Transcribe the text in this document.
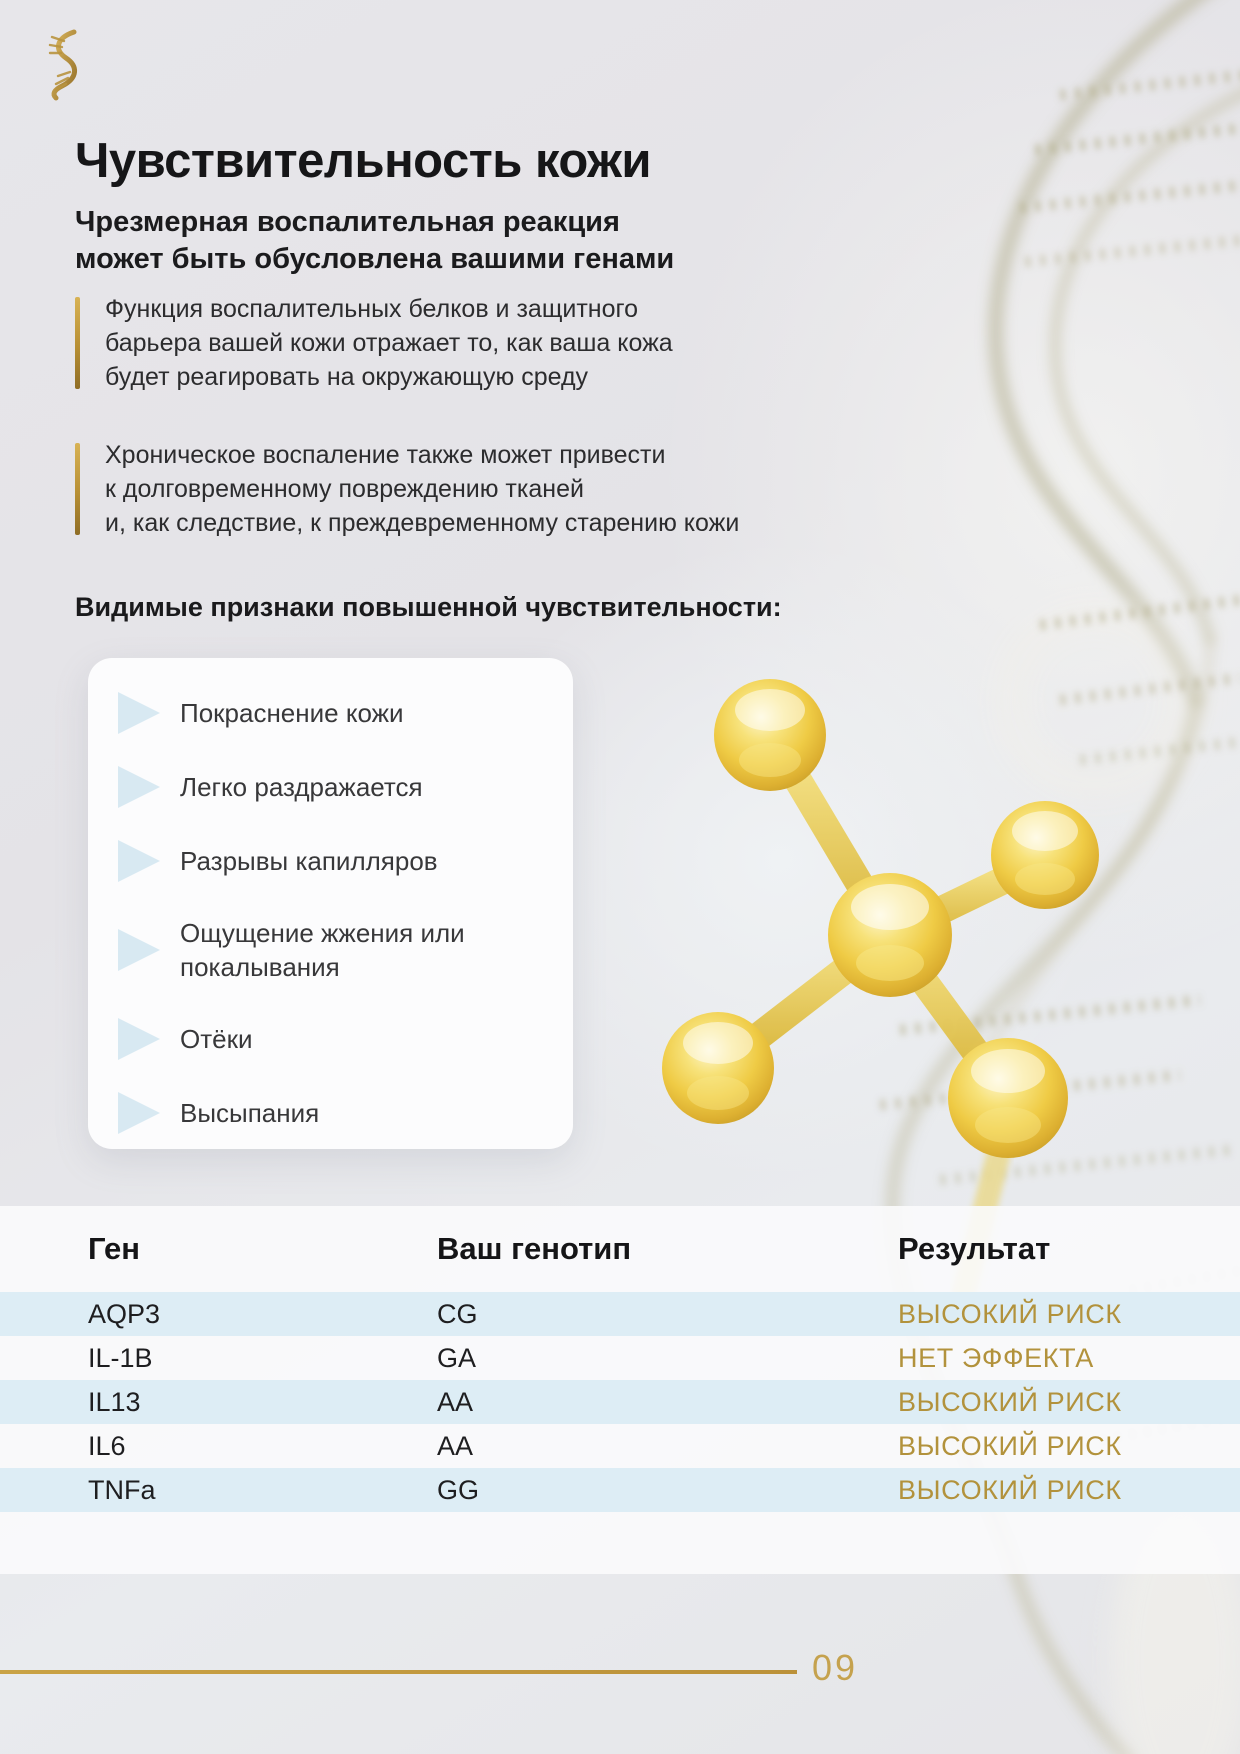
Чувствительность кожи
Чрезмерная воспалительная реакция
может быть обусловлена вашими генами
Функция воспалительных белков и защитного
барьера вашей кожи отражает то, как ваша кожа
будет реагировать на окружающую среду
Хроническое воспаление также может привести
к долговременному повреждению тканей
и, как следствие, к преждевременному старению кожи
Видимые признаки повышенной чувствительности:
Покраснение кожи
Легко раздражается
Разрывы капилляров
Ощущение жжения или покалывания
Отёки
Высыпания
Ген	Ваш генотип	Результат
AQP3	CG	ВЫСОКИЙ РИСК
IL-1B	GA	НЕТ ЭФФЕКТА
IL13	AA	ВЫСОКИЙ РИСК
IL6	AA	ВЫСОКИЙ РИСК
TNFa	GG	ВЫСОКИЙ РИСК
09
